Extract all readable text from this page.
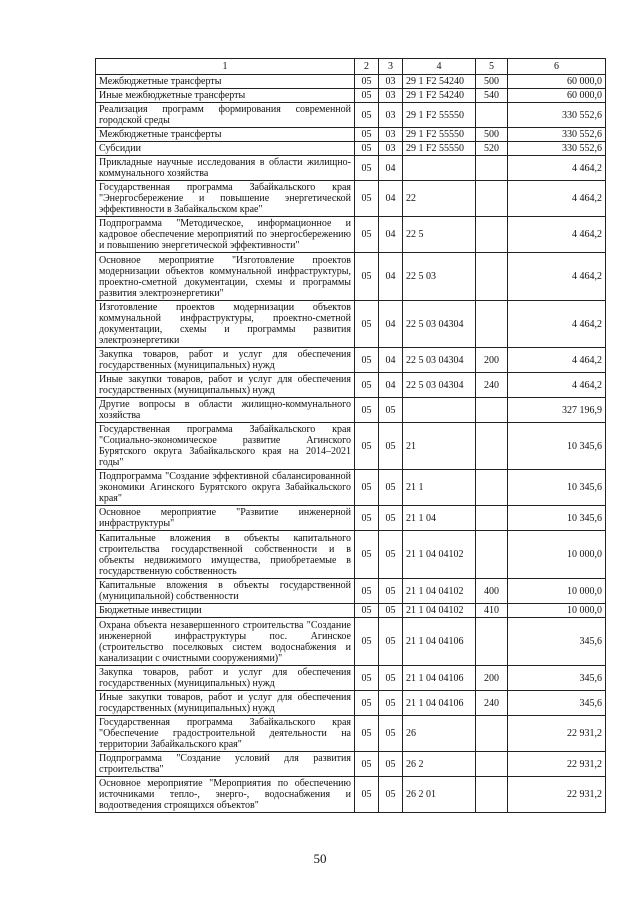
1	2	3	4	5	6
Межбюджетные трансферты	05	03	29 1 F2 54240	500	60 000,0
Иные межбюджетные трансферты	05	03	29 1 F2 54240	540	60 000,0
Реализация программ формирования современной городской среды	05	03	29 1 F2 55550		330 552,6
Межбюджетные трансферты	05	03	29 1 F2 55550	500	330 552,6
Субсидии	05	03	29 1 F2 55550	520	330 552,6
Прикладные научные исследования в области жилищно-коммунального хозяйства	05	04			4 464,2
Государственная программа Забайкальского края "Энергосбережение и повышение энергетической эффективности в Забайкальском крае"	05	04	22		4 464,2
Подпрограмма "Методическое, информационное и кадровое обеспечение мероприятий по энергосбережению и повышению энергетической эффективности"	05	04	22 5		4 464,2
Основное мероприятие "Изготовление проектов модернизации объектов коммунальной инфраструктуры, проектно-сметной документации, схемы и программы развития электроэнергетики"	05	04	22 5 03		4 464,2
Изготовление проектов модернизации объектов коммунальной инфраструктуры, проектно-сметной документации, схемы и программы развития электроэнергетики	05	04	22 5 03 04304		4 464,2
Закупка товаров, работ и услуг для обеспечения государственных (муниципальных) нужд	05	04	22 5 03 04304	200	4 464,2
Иные закупки товаров, работ и услуг для обеспечения государственных (муниципальных) нужд	05	04	22 5 03 04304	240	4 464,2
Другие вопросы в области жилищно-коммунального хозяйства	05	05			327 196,9
Государственная программа Забайкальского края "Социально-экономическое развитие Агинского Бурятского округа Забайкальского края на 2014–2021 годы"	05	05	21		10 345,6
Подпрограмма "Создание эффективной сбалансированной экономики Агинского Бурятского округа Забайкальского края"	05	05	21 1		10 345,6
Основное мероприятие "Развитие инженерной инфраструктуры"	05	05	21 1 04		10 345,6
Капитальные вложения в объекты капитального строительства государственной собственности и в объекты недвижимого имущества, приобретаемые в государственную собственность	05	05	21 1 04 04102		10 000,0
Капитальные вложения в объекты государственной (муниципальной) собственности	05	05	21 1 04 04102	400	10 000,0
Бюджетные инвестиции	05	05	21 1 04 04102	410	10 000,0
Охрана объекта незавершенного строительства "Создание инженерной инфраструктуры пос. Агинское (строительство поселковых систем водоснабжения и канализации с очистными сооружениями)"	05	05	21 1 04 04106		345,6
Закупка товаров, работ и услуг для обеспечения государственных (муниципальных) нужд	05	05	21 1 04 04106	200	345,6
Иные закупки товаров, работ и услуг для обеспечения государственных (муниципальных) нужд	05	05	21 1 04 04106	240	345,6
Государственная программа Забайкальского края "Обеспечение градостроительной деятельности на территории Забайкальского края"	05	05	26		22 931,2
Подпрограмма "Создание условий для развития строительства"	05	05	26 2		22 931,2
Основное мероприятие "Мероприятия по обеспечению источниками тепло-, энерго-, водоснабжения и водоотведения строящихся объектов"	05	05	26 2 01		22 931,2
50
